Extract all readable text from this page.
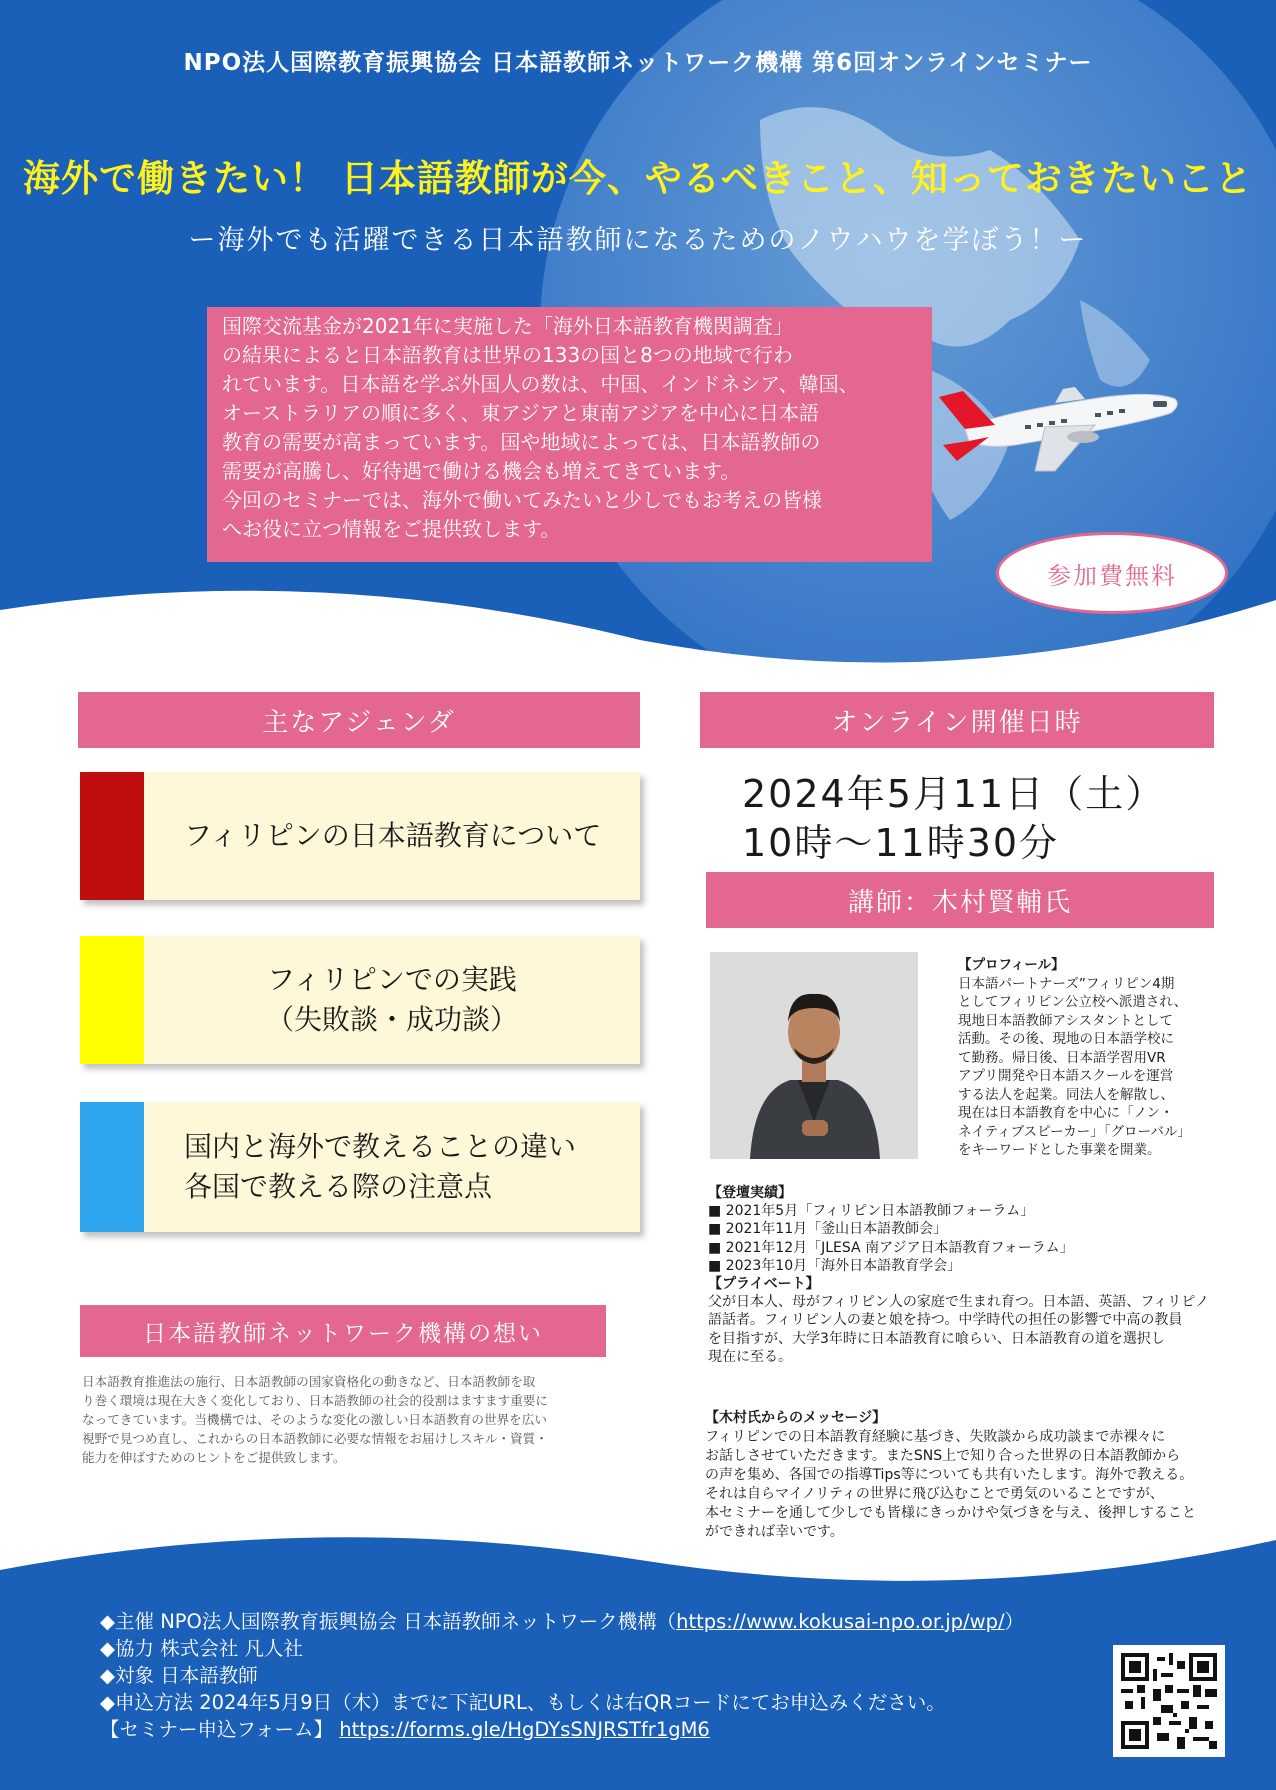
NPO法人国際教育振興協会 日本語教師ネットワーク機構 第6回オンラインセミナー
海外で働きたい！ 日本語教師が今、やるべきこと、知っておきたいこと
ー海外でも活躍できる日本語教師になるためのノウハウを学ぼう！ー

国際交流基金が2021年に実施した「海外日本語教育機関調査」
の結果によると日本語教育は世界の133の国と8つの地域で行わ
れています。日本語を学ぶ外国人の数は、中国、インドネシア、韓国、
オーストラリアの順に多く、東アジアと東南アジアを中心に日本語
教育の需要が高まっています。国や地域によっては、日本語教師の
需要が高騰し、好待遇で働ける機会も増えてきています。
今回のセミナーでは、海外で働いてみたいと少しでもお考えの皆様
へお役に立つ情報をご提供致します。

参加費無料
主なアジェンダ
フィリピンの日本語教育について
フィリピンでの実践
（失敗談・成功談）
国内と海外で教えることの違い
各国で教える際の注意点
オンライン開催日時
2024年5月11日（土）
10時～11時30分
講師：木村賢輔氏
【プロフィール】
日本語パートナーズ”フィリピン4期
としてフィリピン公立校へ派遣され、
現地日本語教師アシスタントとして
活動。その後、現地の日本語学校に
て勤務。帰日後、日本語学習用VR
アプリ開発や日本語スクールを運営
する法人を起業。同法人を解散し、
現在は日本語教育を中心に「ノン・
ネイティブスピーカー」「グローバル」
をキーワードとした事業を開業。
【登壇実績】
■ 2021年5月「フィリピン日本語教師フォーラム」
■ 2021年11月「釜山日本語教師会」
■ 2021年12月「JLESA 南アジア日本語教育フォーラム」
■ 2023年10月「海外日本語教育学会」
【プライベート】
父が日本人、母がフィリピン人の家庭で生まれ育つ。日本語、英語、フィリピノ
語話者。フィリピン人の妻と娘を持つ。中学時代の担任の影響で中高の教員
を目指すが、大学3年時に日本語教育に喰らい、日本語教育の道を選択し
現在に至る。
【木村氏からのメッセージ】
フィリピンでの日本語教育経験に基づき、失敗談から成功談まで赤裸々に
お話しさせていただきます。またSNS上で知り合った世界の日本語教師から
の声を集め、各国での指導Tips等についても共有いたします。海外で教える。
それは自らマイノリティの世界に飛び込むことで勇気のいることですが、
本セミナーを通して少しでも皆様にきっかけや気づきを与え、後押しすること
ができれば幸いです。
日本語教師ネットワーク機構の想い
日本語教育推進法の施行、日本語教師の国家資格化の動きなど、日本語教師を取
り巻く環境は現在大きく変化しており、日本語教師の社会的役割はますます重要に
なってきています。当機構では、そのような変化の激しい日本語教育の世界を広い
視野で見つめ直し、これからの日本語教師に必要な情報をお届けしスキル・資質・
能力を伸ばすためのヒントをご提供致します。
◆主催 NPO法人国際教育振興協会 日本語教師ネットワーク機構（https://www.kokusai-npo.or.jp/wp/）
◆協力 株式会社 凡人社
◆対象 日本語教師
◆申込方法 2024年5月9日（木）までに下記URL、もしくは右QRコードにてお申込みください。
【セミナー申込フォーム】 https://forms.gle/HgDYsSNJRSTfr1gM6
